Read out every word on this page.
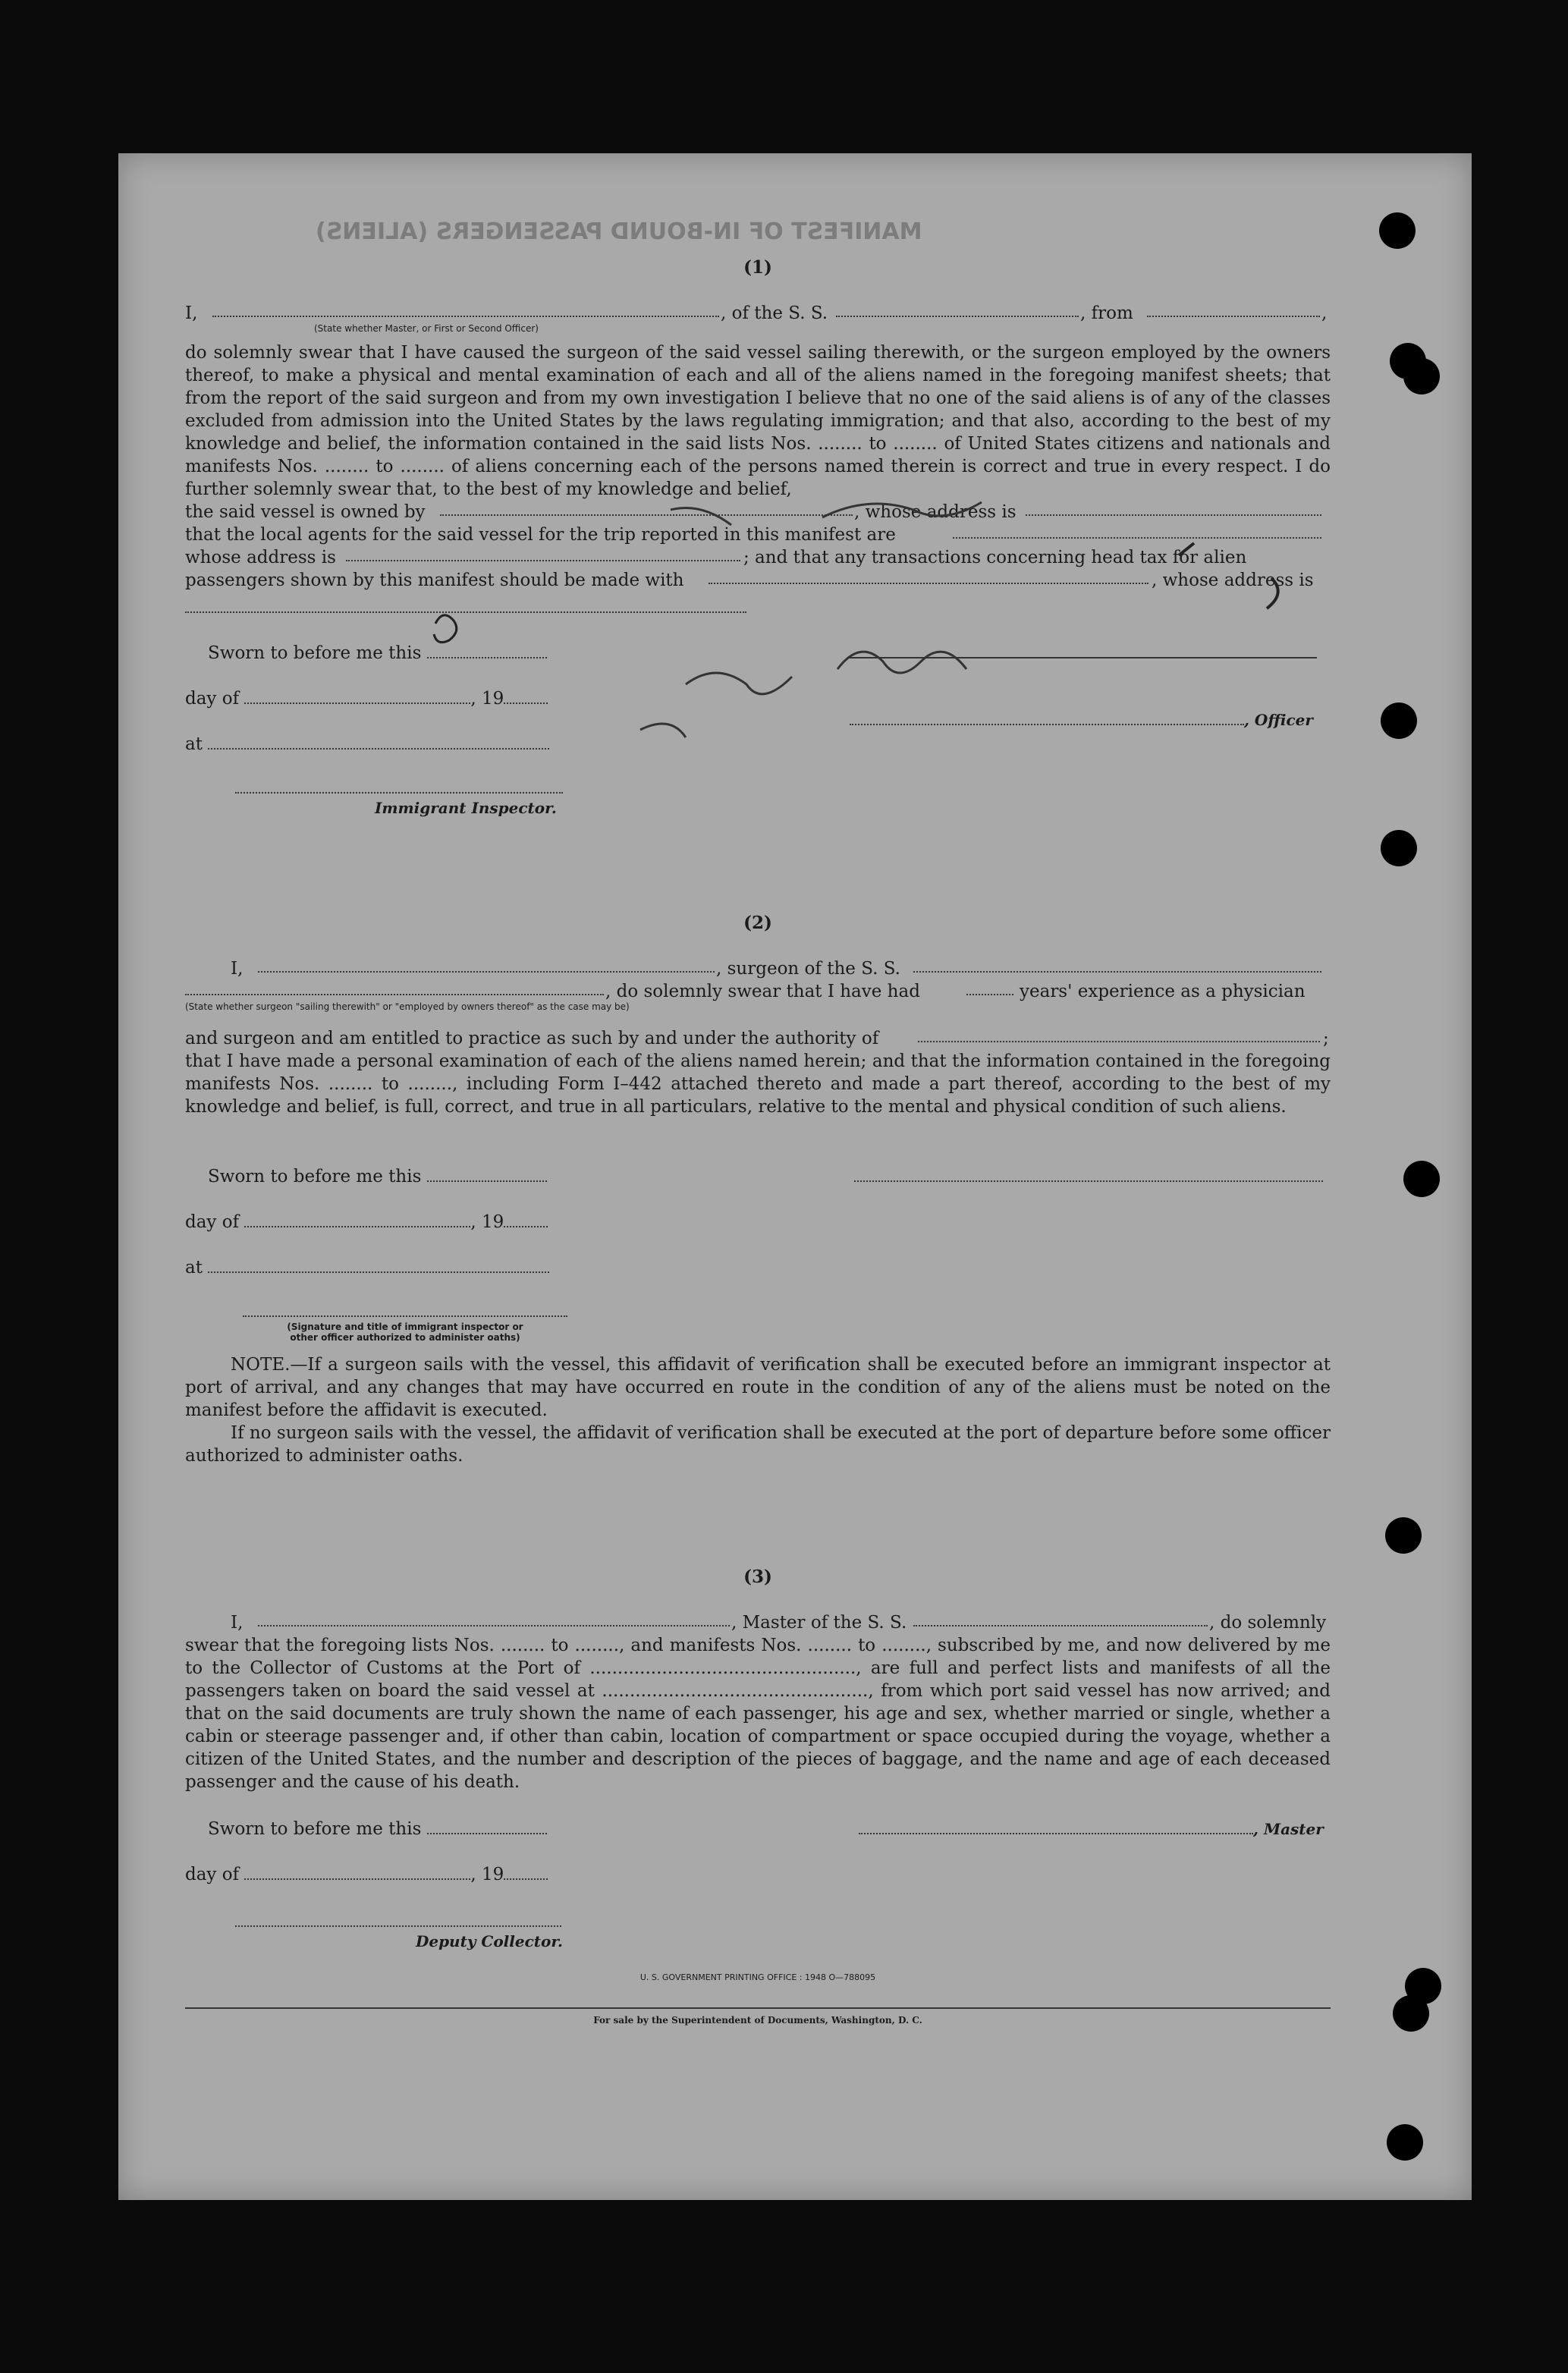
MANIFEST OF IN-BOUND PASSENGERS (ALIENS)
(1)
I,	, of the S. S.	, from	,
(State whether Master, or First or Second Officer)
do solemnly swear that I have caused the surgeon of the said vessel sailing therewith, or the surgeon employed by the owners thereof, to make a physical and mental examination of each and all of the aliens named in the foregoing manifest sheets; that from the report of the said surgeon and from my own investigation I believe that no one of the said aliens is of any of the classes excluded from admission into the United States by the laws regulating immigration; and that also, according to the best of my knowledge and belief, the information contained in the said lists Nos. ........ to ........ of United States citizens and nationals and manifests Nos. ........ to ........ of aliens concerning each of the persons named therein is correct and true in every respect. I do further solemnly swear that, to the best of my knowledge and belief,
the said vessel is owned by	, whose address is
that the local agents for the said vessel for the trip reported in this manifest are
whose address is	; and that any transactions concerning head tax for alien
passengers shown by this manifest should be made with	, whose address is
Sworn to before me this
day of	, 19
, Officer
at
Immigrant Inspector.
(2)
I,	, surgeon of the S. S.
, do solemnly swear that I have had	years' experience as a physician
(State whether surgeon "sailing therewith" or "employed by owners thereof" as the case may be)
and surgeon and am entitled to practice as such by and under the authority of	;
that I have made a personal examination of each of the aliens named herein; and that the information contained in the foregoing manifests Nos. ........ to ........, including Form I–442 attached thereto and made a part thereof, according to the best of my knowledge and belief, is full, correct, and true in all particulars, relative to the mental and physical condition of such aliens.
Sworn to before me this
day of	, 19
at
(Signature and title of immigrant inspector or
other officer authorized to administer oaths)
NOTE.—If a surgeon sails with the vessel, this affidavit of verification shall be executed before an immigrant inspector at port of arrival, and any changes that may have occurred en route in the condition of any of the aliens must be noted on the manifest before the affidavit is executed.
If no surgeon sails with the vessel, the affidavit of verification shall be executed at the port of departure before some officer authorized to administer oaths.
(3)
I,	, Master of the S. S.	, do solemnly
swear that the foregoing lists Nos. ........ to ........, and manifests Nos. ........ to ........, subscribed by me, and now delivered by me to the Collector of Customs at the Port of ................................................, are full and perfect lists and manifests of all the passengers taken on board the said vessel at ................................................, from which port said vessel has now arrived; and that on the said documents are truly shown the name of each passenger, his age and sex, whether married or single, whether a cabin or steerage passenger and, if other than cabin, location of compartment or space occupied during the voyage, whether a citizen of the United States, and the number and description of the pieces of baggage, and the name and age of each deceased passenger and the cause of his death.
Sworn to before me this	, Master
day of	, 19
Deputy Collector.
U. S. GOVERNMENT PRINTING OFFICE : 1948 O—788095
For sale by the Superintendent of Documents, Washington, D. C.
